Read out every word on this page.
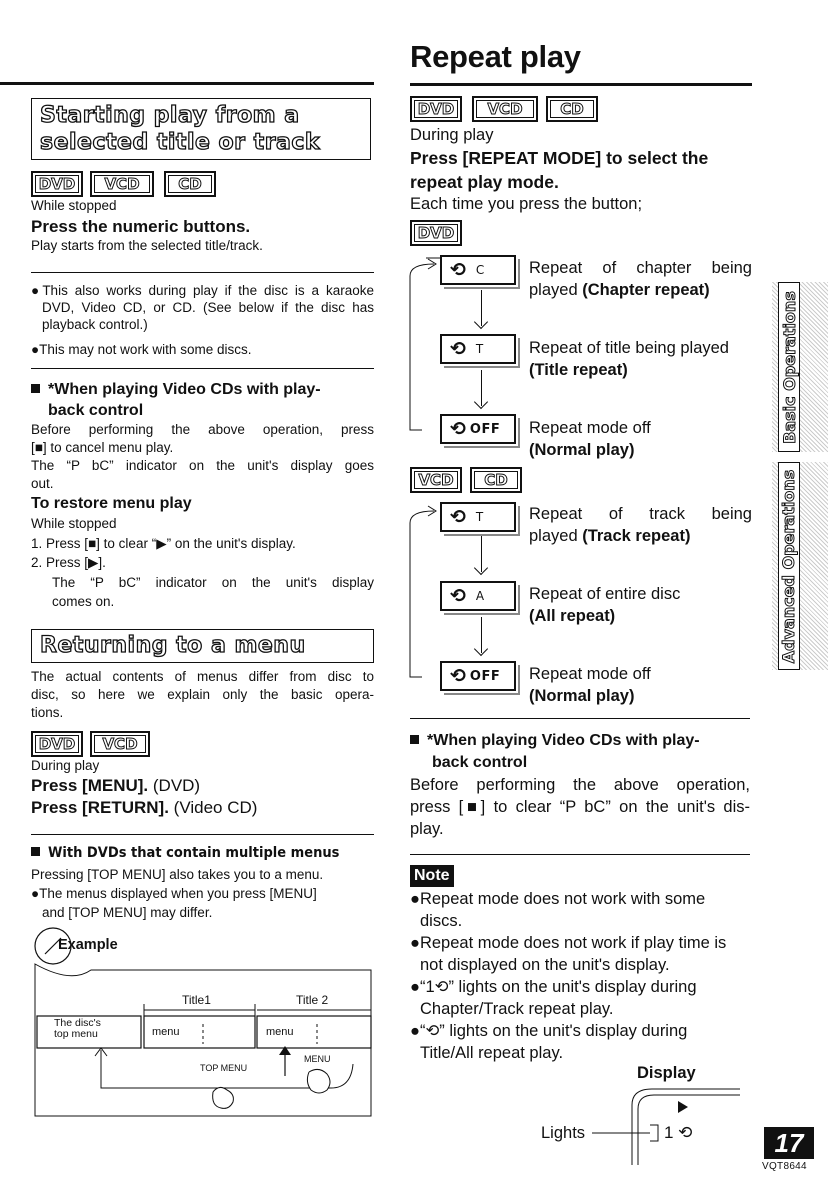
Starting play from a
selected title or track
DVD	VCD	CD
While stopped
Press the numeric buttons.
Play starts from the selected title/track.
●This also works during play if the disc is a karaoke DVD, Video CD, or CD. (See below if the disc has playback control.)
●This may not work with some discs.
*When playing Video CDs with play-
back control
Before performing the above operation, press
[■] to cancel menu play.
The “P bC” indicator on the unit's display goes
out.
To restore menu play
While stopped
1. Press [■] to clear “▶” on the unit's display.
2. Press [▶].
The “P bC” indicator on the unit's display
comes on.
Returning to a menu
The actual contents of menus differ from disc to
disc, so here we explain only the basic opera-
tions.
DVD	VCD
During play
Press [MENU]. (DVD)
Press [RETURN]. (Video CD)
With DVDs that contain multiple menus
Pressing [TOP MENU] also takes you to a menu.
●The menus displayed when you press [MENU]
and [TOP MENU] may differ.
Example
Title1	Title 2
The disc's
top menu	menu	menu
TOP MENU
MENU
Repeat play
DVD	VCD	CD
During play
Press [REPEAT MODE] to select the
repeat play mode.
Each time you press the button;
DVD
⟲ C	Repeat of chapter being
played (Chapter repeat)
⟲ T	Repeat of title being played
(Title repeat)
⟲ OFF Repeat mode off
(Normal play)
VCD	CD
⟲ T	Repeat of track being
played (Track repeat)
⟲ A	Repeat of entire disc
(All repeat)
⟲ OFF Repeat mode off
(Normal play)
*When playing Video CDs with play-
back control
Before performing the above operation,
press [■] to clear “P bC” on the unit's dis-
play.
Note
●Repeat mode does not work with some
discs.
●Repeat mode does not work if play time is
not displayed on the unit's display.
●“1⟲” lights on the unit's display during
Chapter/Track repeat play.
●“⟲” lights on the unit's display during
Title/All repeat play.
Display
Lights	1 ⟲
Basic Operations
Advanced Operations
17
VQT8644
